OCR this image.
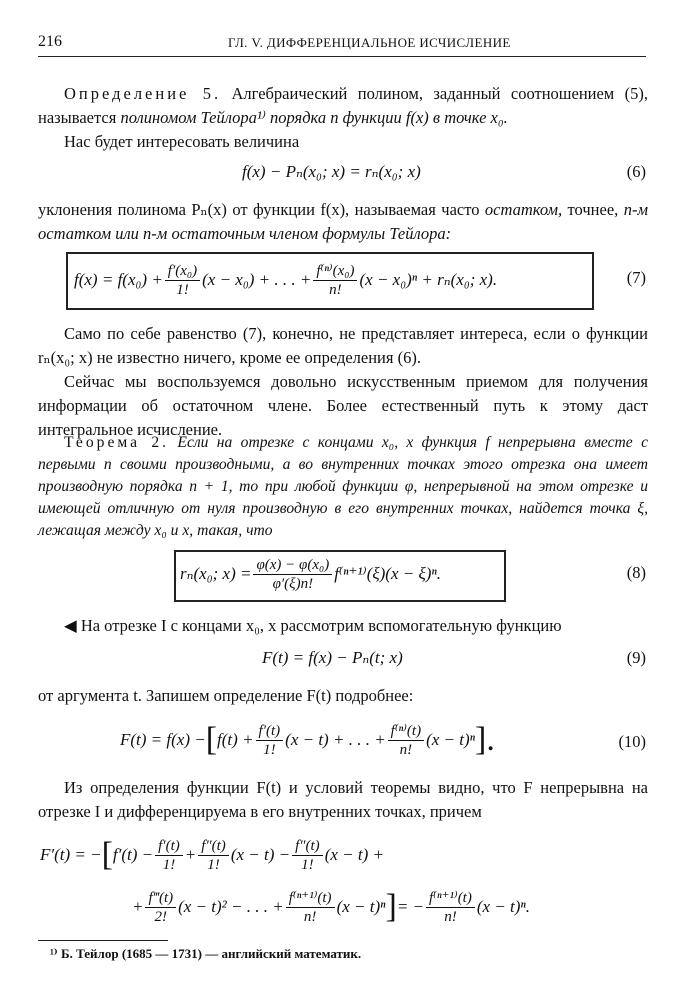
216	ГЛ. V. ДИФФЕРЕНЦИАЛЬНОЕ ИСЧИСЛЕНИЕ

Определение 5. Алгебраический полином, заданный соотношением (5), называется полиномом Тейлора¹⁾ порядка n функции f(x) в точке x₀.

Нас будет интересовать величина

f(x) − Pₙ(x₀; x) = rₙ(x₀; x)	(6)

уклонения полинома Pₙ(x) от функции f(x), называемая часто остатком, точнее, n-м остатком или n-м остаточным членом формулы Тейлора:

$f(x) = f(x_0) + \frac{\text{f′(x₀)}}{1!} (x - x_0)$ + . . . + $\frac{\text{f⁽ⁿ⁾(x₀)}}{n!} (x - x_0)^n + r_n(x_0$; x).	(7)

Само по себе равенство (7), конечно, не представляет интереса, если о функции rₙ(x₀; x) не известно ничего, кроме ее определения (6).

Сейчас мы воспользуемся довольно искусственным приемом для получения информации об остаточном члене. Более естественный путь к этому даст интегральное исчисление.

Теорема 2. Если на отрезке с концами x₀, x функция f непрерывна вместе с первыми n своими производными, а во внутренних точках этого отрезка она имеет производную порядка n + 1, то при любой функции φ, непрерывной на этом отрезке и имеющей отличную от нуля производную в его внутренних точках, найдется точка ξ, лежащая между x₀ и x, такая, что

rₙ(x₀; $x) = \frac{\text{φ(x) − φ(x₀)}}{\varphi'(\xi)n!} f^{(n+1)}(\xi)(x - \xi)^n$.	(8)

◀ На отрезке I с концами x₀, x рассмотрим вспомогательную функцию

F(t) = f(x) − Pₙ(t; x)	(9)

от аргумента t. Запишем определение F(t) подробнее:

F(t) = f(x) − [ $f(t) + \frac{f'(t)}{1!} (x - t)$ + . . . + $\frac{\text{f⁽ⁿ⁾(t)}}{n!} (x - t)^n$ ].	(10)

Из определения функции F(t) и условий теоремы видно, что F непрерывна на отрезке I и дифференцируема в его внутренних точках, причем

F′(t) = − [ $f'(t) - \frac{f'(t)}{1!} + \frac{f''(t)}{1!} (x - t) - \frac{f''(t)}{1!} (x - t)$ +
+ $\frac{f‴(t)}{2!} (x - t)^2$ − . . . + $\frac{\text{f⁽ⁿ⁺¹⁾(t)}}{n!} (x - t)^n$ ] = − $\frac{\text{f⁽ⁿ⁺¹⁾(t)}}{n!} (x - t)^n$.
¹⁾ Б. Тейлор (1685 — 1731) — английский математик.
